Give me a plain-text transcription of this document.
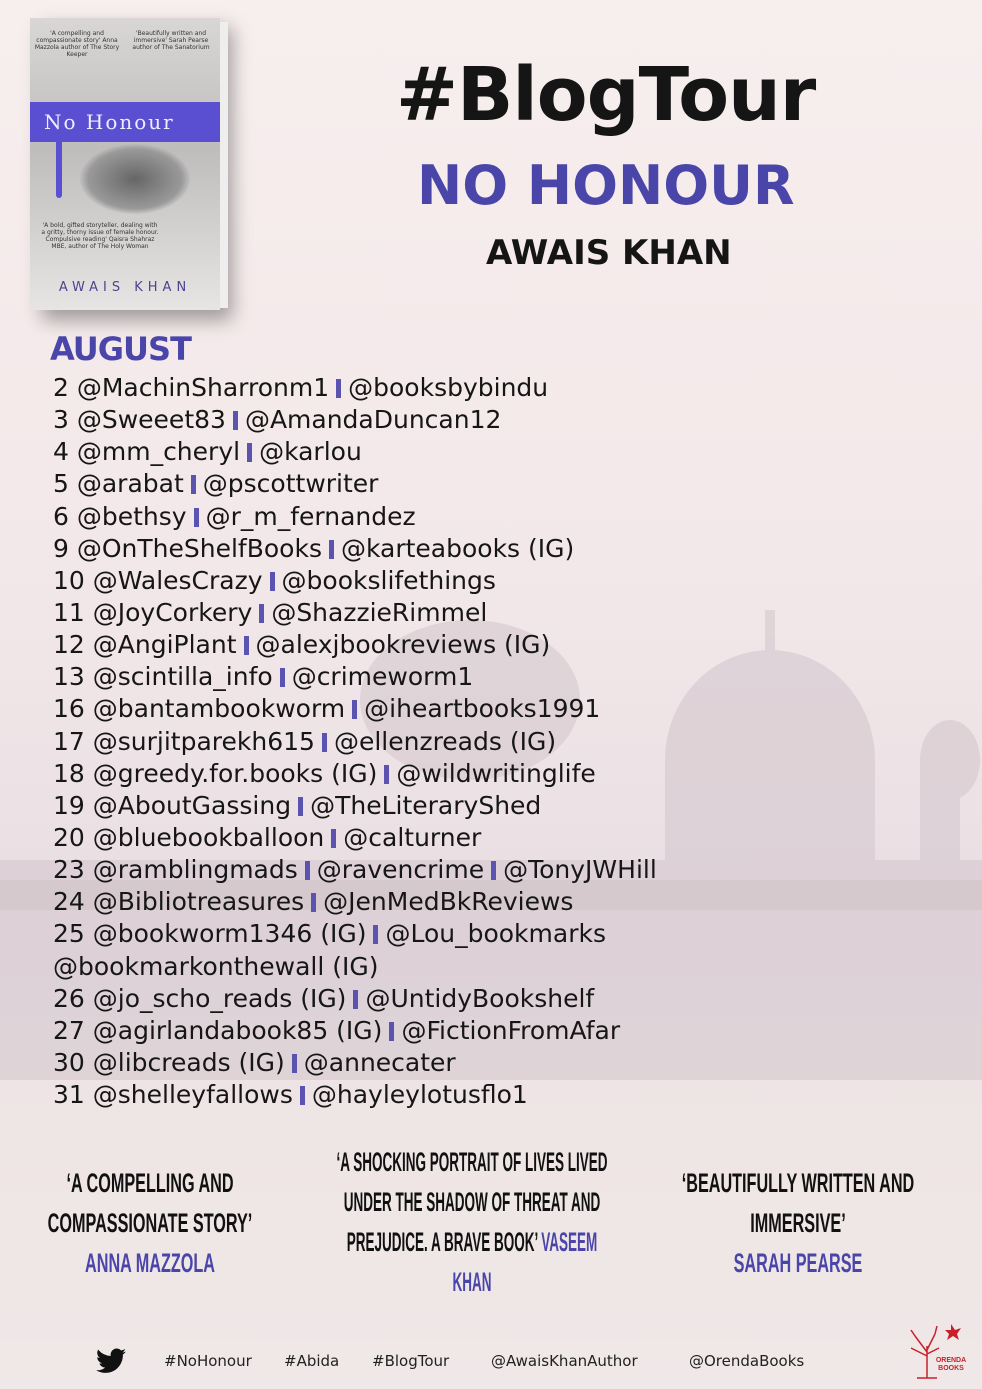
'A compelling and compassionate story' Anna Mazzola author of The Story Keeper
'Beautifully written and immersive' Sarah Pearse author of The Sanatorium
No Honour
'A bold, gifted storyteller, dealing with a gritty, thorny issue of female honour. Compulsive reading' Qaisra Shahraz MBE, author of The Holy Woman
AWAIS KHAN
#BlogTour
NO HONOUR
AWAIS KHAN
AUGUST
2 @MachinSharronm1 @booksbybindu
3 @Sweeet83 @AmandaDuncan12
4 @mm_cheryl @karlou
5 @arabat @pscottwriter
6 @bethsy @r_m_fernandez
9 @OnTheShelfBooks @karteabooks (IG)
10 @WalesCrazy @bookslifethings
11 @JoyCorkery @ShazzieRimmel
12 @AngiPlant @alexjbookreviews (IG)
13 @scintilla_info @crimeworm1
16 @bantambookworm @iheartbooks1991
17 @surjitparekh615 @ellenzreads (IG)
18 @greedy.for.books (IG) @wildwritinglife
19 @AboutGassing @TheLiteraryShed
20 @bluebookballoon @calturner
23 @ramblingmads @ravencrime @TonyJWHill
24 @Bibliotreasures @JenMedBkReviews
25 @bookworm1346 (IG) @Lou_bookmarks
@bookmarkonthewall (IG)
26 @jo_scho_reads (IG) @UntidyBookshelf
27 @agirlandabook85 (IG) @FictionFromAfar
30 @libcreads (IG) @annecater
31 @shelleyfallows @hayleylotusflo1
‘A COMPELLING AND COMPASSIONATE STORY’
ANNA MAZZOLA
‘A SHOCKING PORTRAIT OF LIVES LIVED UNDER THE SHADOW OF THREAT AND PREJUDICE. A BRAVE BOOK’ VASEEM KHAN
‘BEAUTIFULLY WRITTEN AND IMMERSIVE’
SARAH PEARSE
#NoHonour #Abida #BlogTour	@AwaisKhanAuthor	@OrendaBooks	ORENDA
BOOKS
